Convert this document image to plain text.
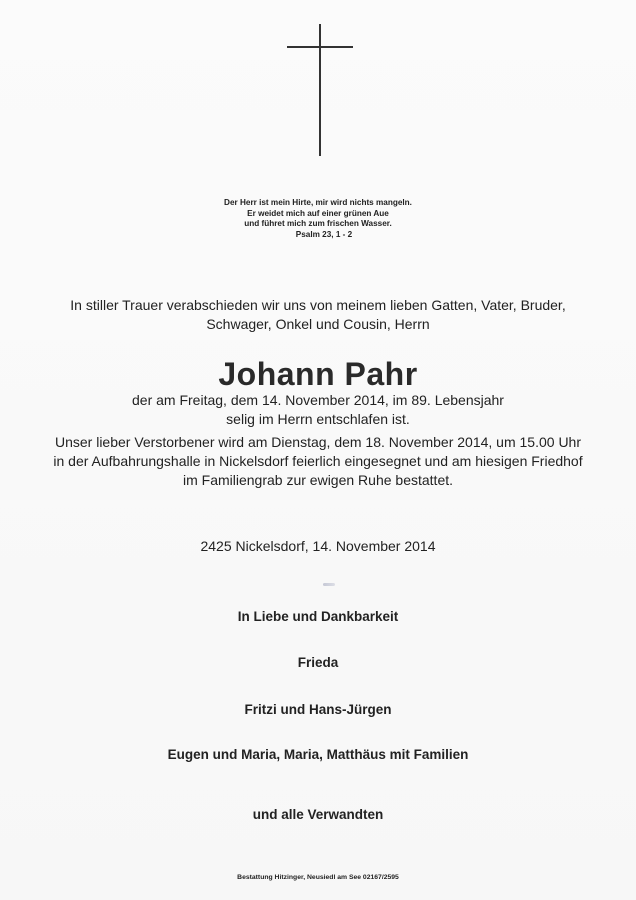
Der Herr ist mein Hirte, mir wird nichts mangeln.
Er weidet mich auf einer grünen Aue
und führet mich zum frischen Wasser.
Psalm 23, 1 - 2
In stiller Trauer verabschieden wir uns von meinem lieben Gatten, Vater, Bruder,
Schwager, Onkel und Cousin, Herrn
Johann Pahr
der am Freitag, dem 14. November 2014, im 89. Lebensjahr
selig im Herrn entschlafen ist.
Unser lieber Verstorbener wird am Dienstag, dem 18. November 2014, um 15.00 Uhr
in der Aufbahrungshalle in Nickelsdorf feierlich eingesegnet und am hiesigen Friedhof
im Familiengrab zur ewigen Ruhe bestattet.
2425 Nickelsdorf, 14. November 2014
In Liebe und Dankbarkeit
Frieda
Fritzi und Hans-Jürgen
Eugen und Maria, Maria, Matthäus mit Familien
und alle Verwandten
Bestattung Hitzinger, Neusiedl am See 02167/2595
